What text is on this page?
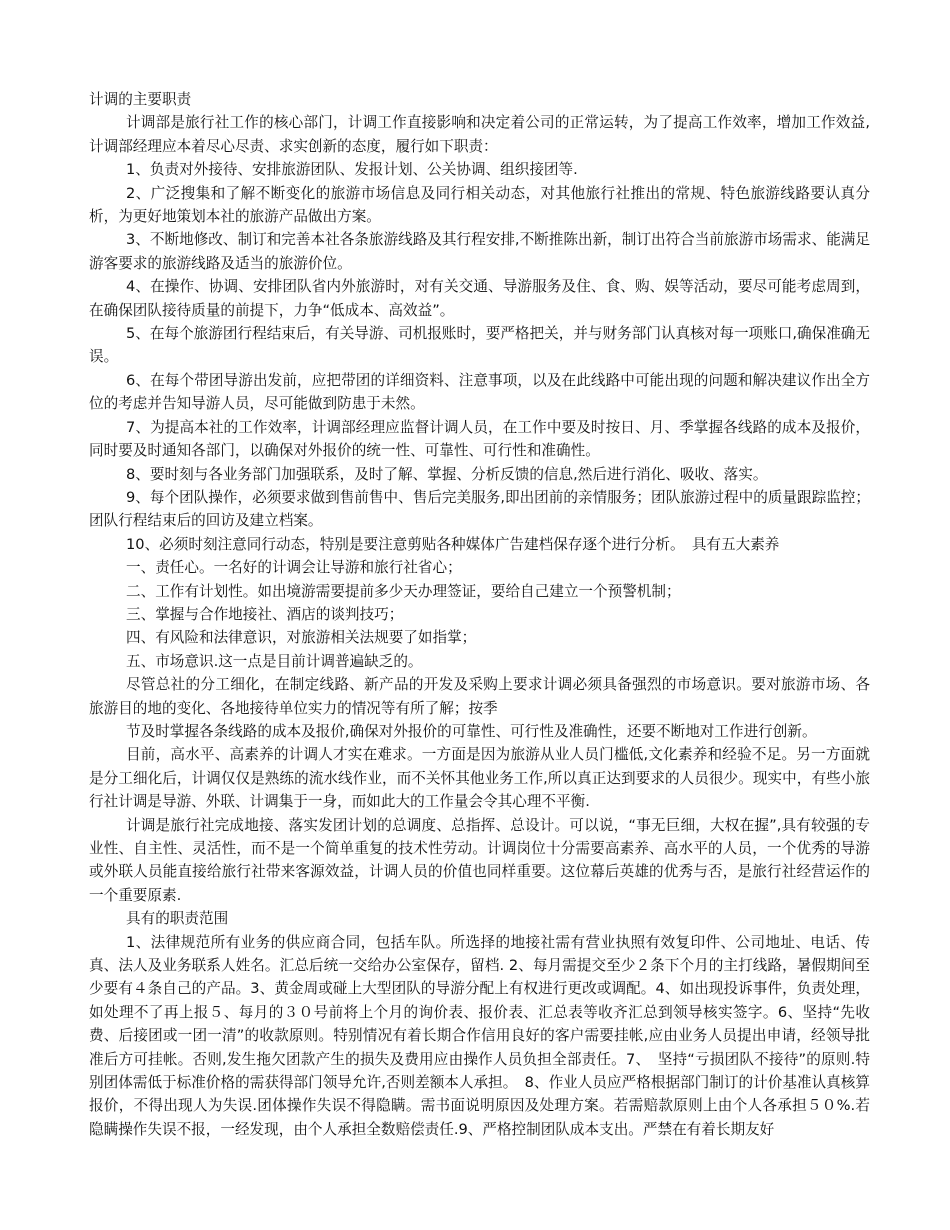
计调的主要职责

计调部是旅行社工作的核心部门，计调工作直接影响和决定着公司的正常运转，为了提高工作效率，增加工作效益,计调部经理应本着尽心尽责、求实创新的态度，履行如下职责：

1、负责对外接待、安排旅游团队、发报计划、公关协调、组织接团等.

2、广泛搜集和了解不断变化的旅游市场信息及同行相关动态，对其他旅行社推出的常规、特色旅游线路要认真分析，为更好地策划本社的旅游产品做出方案。

3、不断地修改、制订和完善本社各条旅游线路及其行程安排,不断推陈出新，制订出符合当前旅游市场需求、能满足游客要求的旅游线路及适当的旅游价位。

4、在操作、协调、安排团队省内外旅游时，对有关交通、导游服务及住、食、购、娱等活动，要尽可能考虑周到，在确保团队接待质量的前提下，力争“低成本、高效益”。

5、在每个旅游团行程结束后，有关导游、司机报账时，要严格把关，并与财务部门认真核对每一项账口,确保准确无误。

6、在每个带团导游出发前，应把带团的详细资料、注意事项，以及在此线路中可能出现的问题和解决建议作出全方位的考虑并告知导游人员，尽可能做到防患于未然。

7、为提高本社的工作效率，计调部经理应监督计调人员，在工作中要及时按日、月、季掌握各线路的成本及报价，同时要及时通知各部门，以确保对外报价的统一性、可靠性、可行性和准确性。

8、要时刻与各业务部门加强联系，及时了解、掌握、分析反馈的信息,然后进行消化、吸收、落实。

9、每个团队操作，必须要求做到售前售中、售后完美服务,即出团前的亲情服务；团队旅游过程中的质量跟踪监控；团队行程结束后的回访及建立档案。

10、必须时刻注意同行动态，特别是要注意剪贴各种媒体广告建档保存逐个进行分析。　具有五大素养

一、责任心。一名好的计调会让导游和旅行社省心；

二、工作有计划性。如出境游需要提前多少天办理签证，要给自己建立一个预警机制；

三、掌握与合作地接社、酒店的谈判技巧；

四、有风险和法律意识，对旅游相关法规要了如指掌；

五、市场意识.这一点是目前计调普遍缺乏的。

尽管总社的分工细化，在制定线路、新产品的开发及采购上要求计调必须具备强烈的市场意识。要对旅游市场、各旅游目的地的变化、各地接待单位实力的情况等有所了解；按季

节及时掌握各条线路的成本及报价,确保对外报价的可靠性、可行性及准确性，还要不断地对工作进行创新。

目前，高水平、高素养的计调人才实在难求。一方面是因为旅游从业人员门槛低,文化素养和经验不足。另一方面就是分工细化后，计调仅仅是熟练的流水线作业，而不关怀其他业务工作,所以真正达到要求的人员很少。现实中，有些小旅行社计调是导游、外联、计调集于一身，而如此大的工作量会令其心理不平衡.

计调是旅行社完成地接、落实发团计划的总调度、总指挥、总设计。可以说，“事无巨细，大权在握”,具有较强的专业性、自主性、灵活性，而不是一个简单重复的技术性劳动。计调岗位十分需要高素养、高水平的人员，一个优秀的导游或外联人员能直接给旅行社带来客源效益，计调人员的价值也同样重要。这位幕后英雄的优秀与否，是旅行社经营运作的一个重要原素.

具有的职责范围

1、法律规范所有业务的供应商合同，包括车队。所选择的地接社需有营业执照有效复印件、公司地址、电话、传真、法人及业务联系人姓名。汇总后统一交给办公室保存，留档. 2、每月需提交至少２条下个月的主打线路，暑假期间至少要有４条自己的产品。3、黄金周或碰上大型团队的导游分配上有权进行更改或调配。4、如出现投诉事件，负责处理，如处理不了再上报５、每月的３０号前将上个月的询价表、报价表、汇总表等收齐汇总到领导核实签字。6、坚持“先收费、后接团或一团一清”的收款原则。特别情况有着长期合作信用良好的客户需要挂帐,应由业务人员提出申请，经领导批准后方可挂帐。否则,发生拖欠团款产生的损失及费用应由操作人员负担全部责任。7、　坚持“亏损团队不接待”的原则.特别团体需低于标准价格的需获得部门领导允许,否则差额本人承担。　8、作业人员应严格根据部门制订的计价基准认真核算报价，不得出现人为失误.团体操作失误不得隐瞒。需书面说明原因及处理方案。若需赔款原则上由个人各承担５０%.若隐瞒操作失误不报，一经发现，由个人承担全数赔偿责任.9、严格控制团队成本支出。严禁在有着长期友好
